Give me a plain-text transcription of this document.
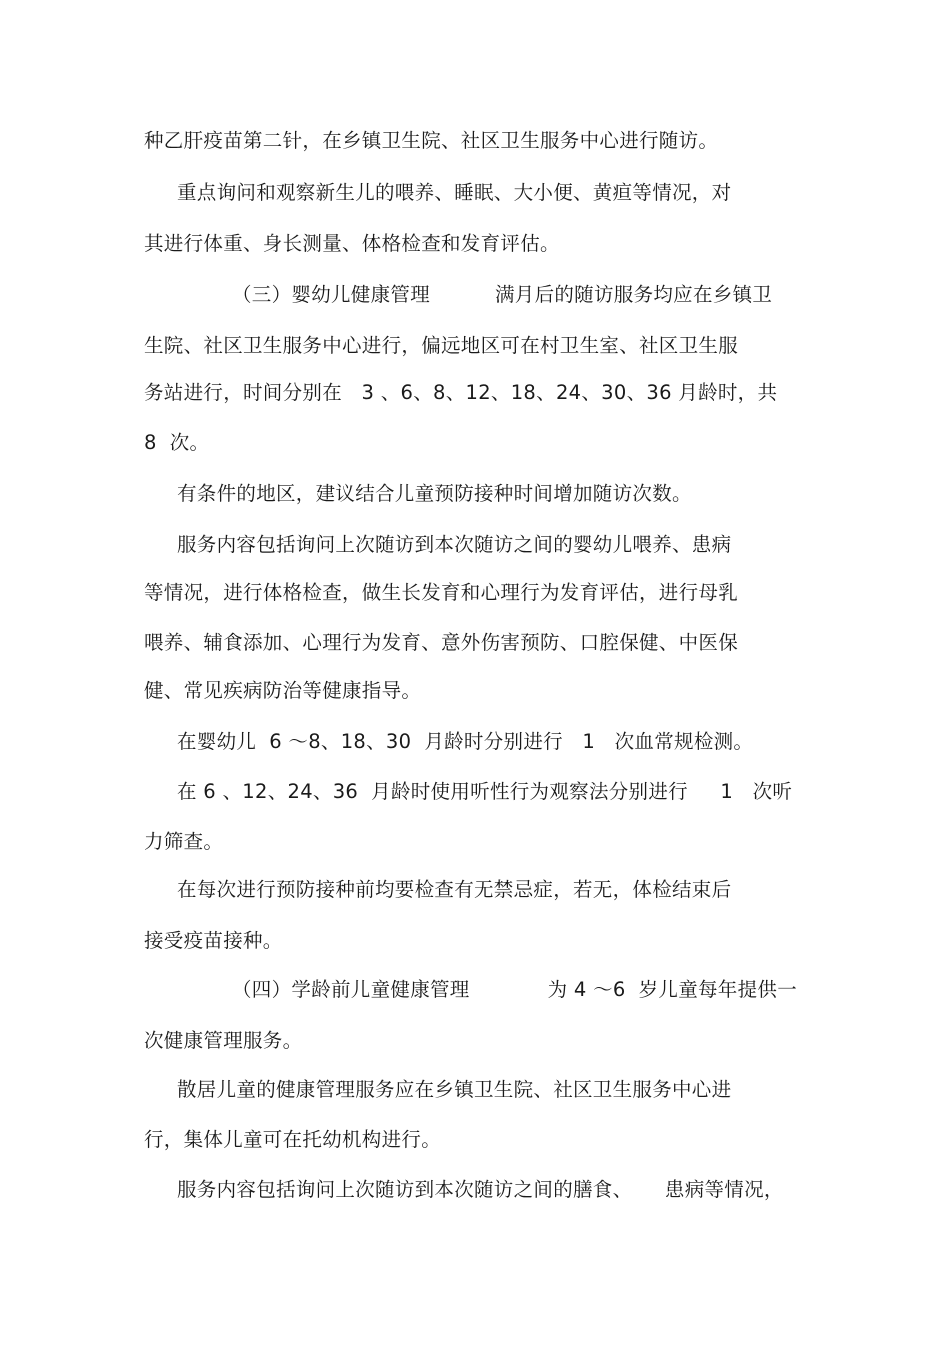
种乙肝疫苗第二针，在乡镇卫生院、社区卫生服务中心进行随访。
重点询问和观察新生儿的喂养、睡眠、大小便、黄疸等情况，对
其进行体重、身长测量、体格检查和发育评估。
（三）婴幼儿健康管理          满月后的随访服务均应在乡镇卫
生院、社区卫生服务中心进行，偏远地区可在村卫生室、社区卫生服
务站进行，时间分别在   3 、6、8、12、18、24、30、36 月龄时，共
8  次。
有条件的地区，建议结合儿童预防接种时间增加随访次数。
服务内容包括询问上次随访到本次随访之间的婴幼儿喂养、患病
等情况，进行体格检查，做生长发育和心理行为发育评估，进行母乳
喂养、辅食添加、心理行为发育、意外伤害预防、口腔保健、中医保
健、常见疾病防治等健康指导。
在婴幼儿  6 ～8、18、30  月龄时分别进行   1   次血常规检测。
在 6 、12、24、36  月龄时使用听性行为观察法分别进行     1   次听
力筛查。
在每次进行预防接种前均要检查有无禁忌症，若无，体检结束后
接受疫苗接种。
（四）学龄前儿童健康管理            为 4 ～6  岁儿童每年提供一
次健康管理服务。
散居儿童的健康管理服务应在乡镇卫生院、社区卫生服务中心进
行，集体儿童可在托幼机构进行。
服务内容包括询问上次随访到本次随访之间的膳食、     患病等情况，
